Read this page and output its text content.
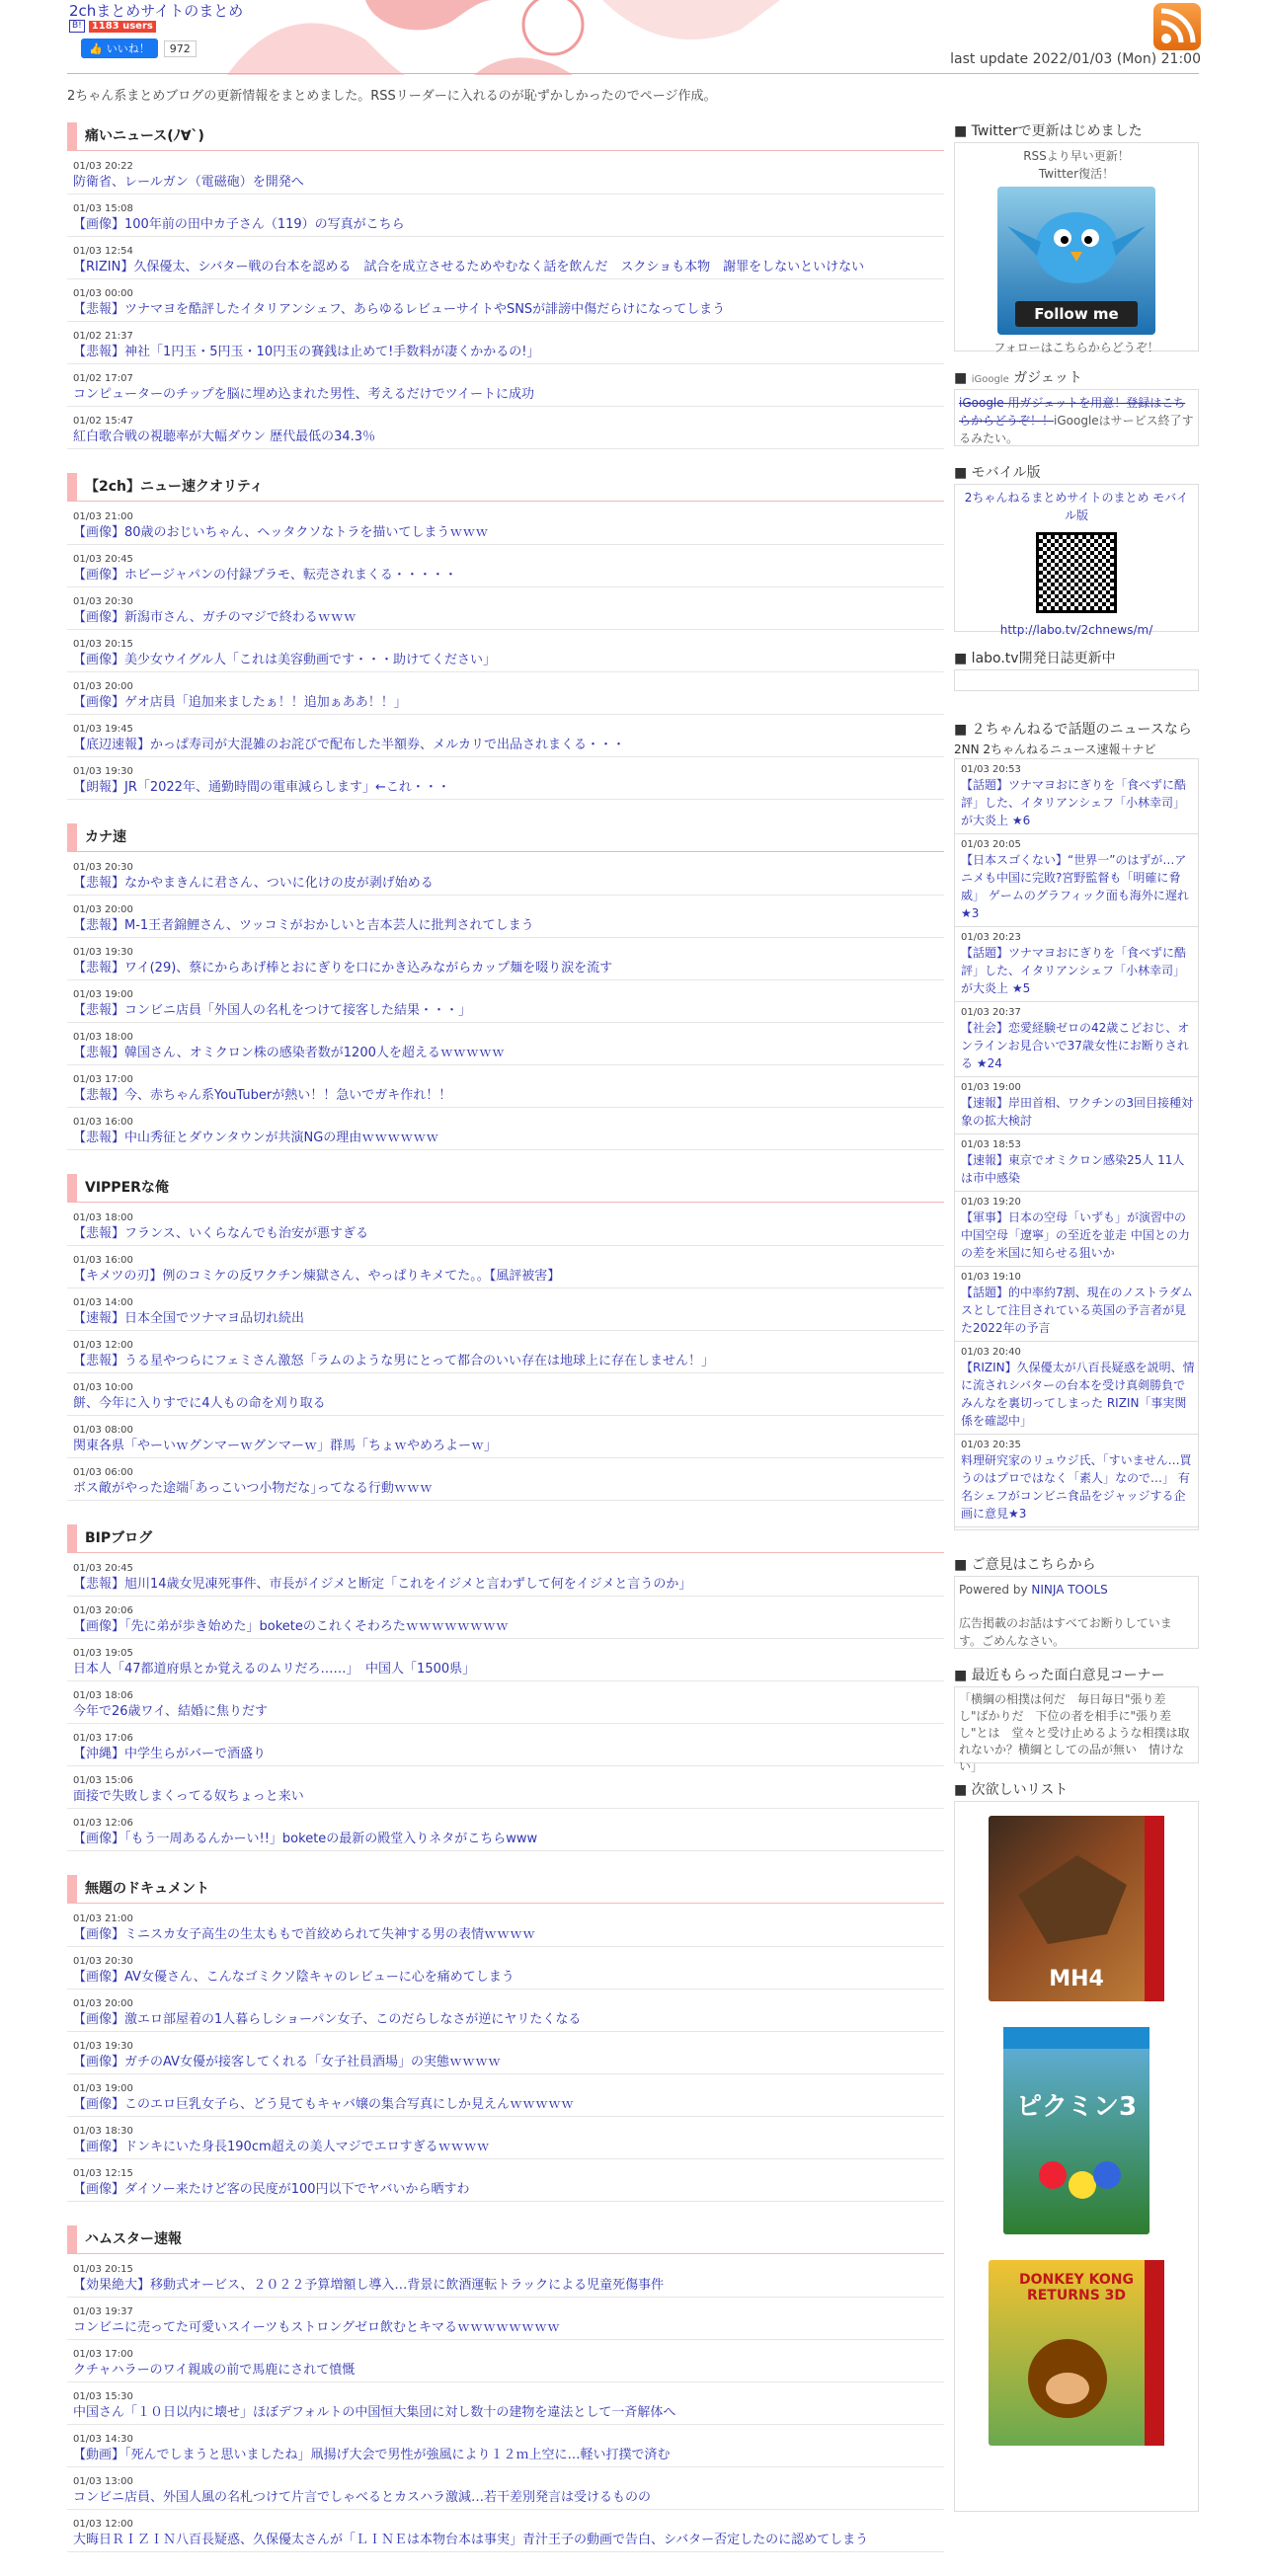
2chまとめサイトのまとめ
B!	1183 users
👍 いいね！	972
last update 2022/01/03 (Mon) 21:00
2ちゃん系まとめブログの更新情報をまとめました。RSSリーダーに入れるのが恥ずかしかったのでページ作成。
痛いニュース(ﾉ∀`)
01/03 20:22
防衛省、レールガン（電磁砲）を開発へ
01/03 15:08
【画像】100年前の田中カ子さん（119）の写真がこちら
01/03 12:54
【RIZIN】久保優太、シバター戦の台本を認める　試合を成立させるためやむなく話を飲んだ　スクショも本物　謝罪をしないといけない
01/03 00:00
【悲報】ツナマヨを酷評したイタリアンシェフ、あらゆるレビューサイトやSNSが誹謗中傷だらけになってしまう
01/02 21:37
【悲報】神社「1円玉・5円玉・10円玉の賽銭は止めて!手数料が凄くかかるの!」
01/02 17:07
コンピューターのチップを脳に埋め込まれた男性、考えるだけでツイートに成功
01/02 15:47
紅白歌合戦の視聴率が大幅ダウン 歴代最低の34.3％
【2ch】ニュー速クオリティ
01/03 21:00
【画像】80歳のおじいちゃん、ヘッタクソなトラを描いてしまうｗｗｗ
01/03 20:45
【画像】ホビージャパンの付録プラモ、転売されまくる・・・・・
01/03 20:30
【画像】新潟市さん、ガチのマジで終わるｗｗｗ
01/03 20:15
【画像】美少女ウイグル人「これは美容動画です・・・助けてください」
01/03 20:00
【画像】ゲオ店員「追加来ましたぁ！！追加ぁああ！！」
01/03 19:45
【底辺速報】かっぱ寿司が大混雑のお詫びで配布した半額券、メルカリで出品されまくる・・・
01/03 19:30
【朗報】JR「2022年、通勤時間の電車減らします」←これ・・・
カナ速
01/03 20:30
【悲報】なかやまきんに君さん、ついに化けの皮が剥げ始める
01/03 20:00
【悲報】M-1王者錦鯉さん、ツッコミがおかしいと吉本芸人に批判されてしまう
01/03 19:30
【悲報】ワイ(29)、蔡にからあげ棒とおにぎりを口にかき込みながらカップ麺を啜り涙を流す
01/03 19:00
【悲報】コンビニ店員「外国人の名札をつけて接客した結果・・・」
01/03 18:00
【悲報】韓国さん、オミクロン株の感染者数が1200人を超えるｗｗｗｗｗ
01/03 17:00
【悲報】今、赤ちゃん系YouTuberが熱い！！急いでガキ作れ！！
01/03 16:00
【悲報】中山秀征とダウンタウンが共演NGの理由ｗｗｗｗｗｗ
VIPPERな俺
01/03 18:00
【悲報】フランス、いくらなんでも治安が悪すぎる
01/03 16:00
【キメツの刃】例のコミケの反ワクチン煉獄さん、やっぱりキメてた。。【風評被害】
01/03 14:00
【速報】日本全国でツナマヨ品切れ続出
01/03 12:00
【悲報】うる星やつらにフェミさん激怒「ラムのような男にとって都合のいい存在は地球上に存在しません！」
01/03 10:00
餅、今年に入りすでに4人もの命を刈り取る
01/03 08:00
関東各県「やーいｗグンマーｗグンマーｗ」群馬「ちょｗやめろよーｗ」
01/03 06:00
ボス敵がやった途端｢あっこいつ小物だな｣ってなる行動ｗｗｗ
BIPブログ
01/03 20:45
【悲報】旭川14歳女児凍死事件、市長がイジメと断定「これをイジメと言わずして何をイジメと言うのか」
01/03 20:06
【画像】「先に弟が歩き始めた」boketeのこれくそわろたｗｗｗｗｗｗｗｗ
01/03 19:05
日本人「47都道府県とか覚えるのムリだろ……」　中国人「1500県」
01/03 18:06
今年で26歳ワイ、結婚に焦りだす
01/03 17:06
【沖縄】中学生らがバーで酒盛り
01/03 15:06
面接で失敗しまくってる奴ちょっと来い
01/03 12:06
【画像】「もう一周あるんかーい!!」boketeの最新の殿堂入りネタがこちらwww
無題のドキュメント
01/03 21:00
【画像】ミニスカ女子高生の生太ももで首絞められて失神する男の表情ｗｗｗｗ
01/03 20:30
【画像】AV女優さん、こんなゴミクソ陰キャのレビューに心を痛めてしまう
01/03 20:00
【画像】激エロ部屋着の1人暮らしショーパン女子、このだらしなさが逆にヤリたくなる
01/03 19:30
【画像】ガチのAV女優が接客してくれる「女子社員酒場」の実態ｗｗｗｗ
01/03 19:00
【画像】このエロ巨乳女子ら、どう見てもキャバ嬢の集合写真にしか見えんｗｗｗｗｗ
01/03 18:30
【画像】ドンキにいた身長190cm超えの美人マジでエロすぎるｗｗｗｗ
01/03 12:15
【画像】ダイソー来たけど客の民度が100円以下でヤバいから晒すわ
ハムスター速報
01/03 20:15
【効果絶大】移動式オービス、２０２２予算増額し導入…背景に飲酒運転トラックによる児童死傷事件
01/03 19:37
コンビニに売ってた可愛いスイーツもストロングゼロ飲むとキマるｗｗｗｗｗｗｗｗ
01/03 17:00
クチャハラーのワイ親戚の前で馬鹿にされて憤慨
01/03 15:30
中国さん「１０日以内に壊せ」ほぼデフォルトの中国恒大集団に対し数十の建物を違法として一斉解体へ
01/03 14:30
【動画】「死んでしまうと思いましたね」凧揚げ大会で男性が強風により１２ｍ上空に…軽い打撲で済む
01/03 13:00
コンビニ店員、外国人風の名札つけて片言でしゃべるとカスハラ激減…若干差別発言は受けるものの
01/03 12:00
大晦日ＲＩＺＩＮ八百長疑惑、久保優太さんが「ＬＩＮＥは本物台本は事実」青汁王子の動画で告白、シバター否定したのに認めてしまう
■ Twitterで更新はじめました
RSSより早い更新！
Twitter復活！
Follow me
フォローはこちらからどうぞ！
■ iGoogle ガジェット
iGoogle 用ガジェットを用意！登録はこちらからどうぞ！！iGoogleはサービス終了するみたい。
■ モバイル版
2ちゃんねるまとめサイトのまとめ モバイル版
http://labo.tv/2chnews/m/
■ labo.tv開発日誌更新中
■ ２ちゃんねるで話題のニュースなら
2NN 2ちゃんねるニュース速報＋ナビ
01/03 20:53
【話題】ツナマヨおにぎりを「食べずに酷評」した、イタリアンシェフ「小林幸司」が大炎上 ★6
01/03 20:05
【日本スゴくない】“世界一”のはずが…アニメも中国に完敗?宮野監督も「明確に脅威」 ゲームのグラフィック面も海外に遅れ★3
01/03 20:23
【話題】ツナマヨおにぎりを「食べずに酷評」した、イタリアンシェフ「小林幸司」が大炎上 ★5
01/03 20:37
【社会】恋愛経験ゼロの42歳こどおじ、オンラインお見合いで37歳女性にお断りされる ★24
01/03 19:00
【速報】岸田首相、ワクチンの3回目接種対象の拡大検討
01/03 18:53
【速報】東京でオミクロン感染25人 11人は市中感染
01/03 19:20
【軍事】日本の空母「いずも」が演習中の中国空母「遼寧」の至近を並走 中国との力の差を米国に知らせる狙いか
01/03 19:10
【話題】的中率約7割、現在のノストラダムスとして注目されている英国の予言者が見た2022年の予言
01/03 20:40
【RIZIN】久保優太が八百長疑惑を説明、情に流されシバターの台本を受け真剣勝負でみんなを裏切ってしまった RIZIN「事実関係を確認中」
01/03 20:35
料理研究家のリュウジ氏、「すいません…買うのはプロではなく「素人」なので…」 有名シェフがコンビニ食品をジャッジする企画に意見★3
■ ご意見はこちらから
Powered by NINJA TOOLS
広告掲載のお話はすべてお断りしています。ごめんなさい。
■ 最近もらった面白意見コーナー
「横綱の相撲は何だ　毎日毎日"張り差し"ばかりだ　下位の者を相手に"張り差し"とは　堂々と受け止めるような相撲は取れないか？横綱としての品が無い　情けない」
■ 次欲しいリスト
MH4
ピクミン3
DONKEY KONG RETURNS 3D
